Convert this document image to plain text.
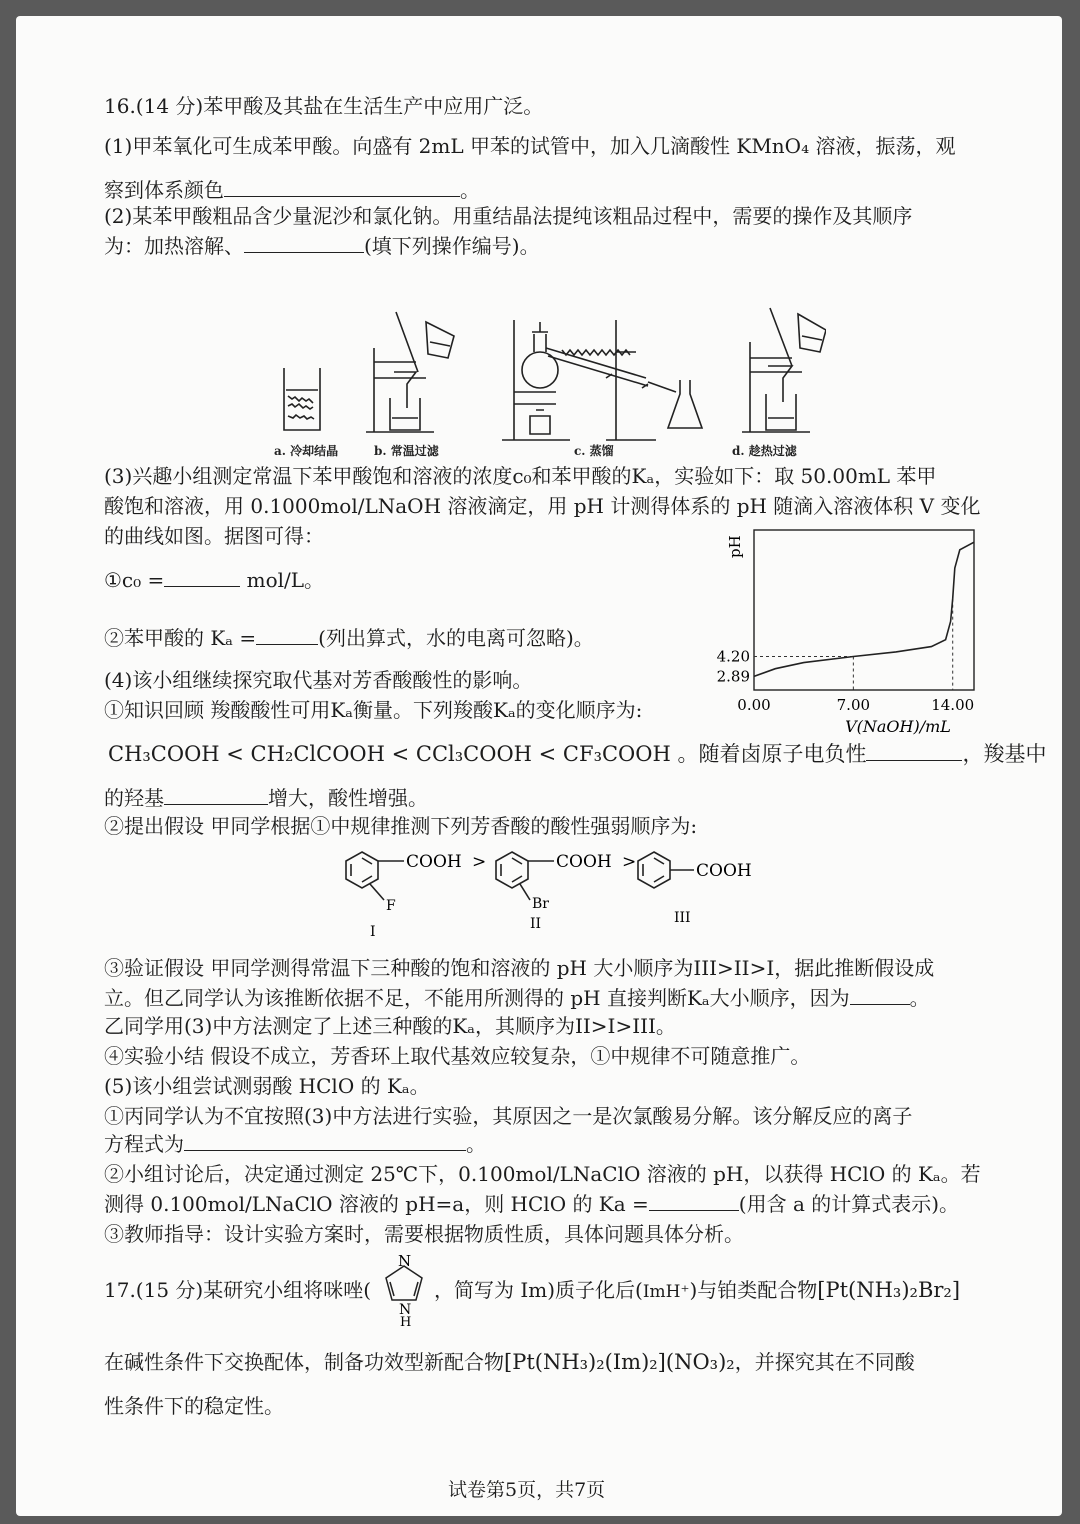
16.(14 分)苯甲酸及其盐在生活生产中应用广泛。
(1)甲苯氧化可生成苯甲酸。向盛有 2mL 甲苯的试管中，加入几滴酸性 KMnO₄ 溶液，振荡，观
察到体系颜色	。
(2)某苯甲酸粗品含少量泥沙和氯化钠。用重结晶法提纯该粗品过程中，需要的操作及其顺序
为：加热溶解、	(填下列操作编号)。
a. 冷却结晶	b. 常温过滤	c. 蒸馏	d. 趁热过滤
(3)兴趣小组测定常温下苯甲酸饱和溶液的浓度c₀和苯甲酸的Kₐ，实验如下：取 50.00mL 苯甲
酸饱和溶液，用 0.1000mol/LNaOH 溶液滴定，用 pH 计测得体系的 pH 随滴入溶液体积 V 变化
的曲线如图。据图可得：
①c₀ =	mol/L。
②苯甲酸的 Kₐ =	(列出算式，水的电离可忽略)。
pH
2.89
4.20
0.00	7.00	14.00
V(NaOH)/mL
(4)该小组继续探究取代基对芳香酸酸性的影响。
①知识回顾 羧酸酸性可用Kₐ衡量。下列羧酸Kₐ的变化顺序为:
CH₃COOH < CH₂ClCOOH < CCl₃COOH < CF₃COOH 。随着卤原子电负性	，羧基中
的羟基	增大，酸性增强。
②提出假设 甲同学根据①中规律推测下列芳香酸的酸性强弱顺序为:
COOH >
F
I
COOH >
Br
II
COOH
III
③验证假设 甲同学测得常温下三种酸的饱和溶液的 pH 大小顺序为III>II>I，据此推断假设成
立。但乙同学认为该推断依据不足，不能用所测得的 pH 直接判断Kₐ大小顺序，因为	。
乙同学用(3)中方法测定了上述三种酸的Kₐ，其顺序为II>I>III。
④实验小结 假设不成立，芳香环上取代基效应较复杂，①中规律不可随意推广。
(5)该小组尝试测弱酸 HClO 的 Kₐ。
①丙同学认为不宜按照(3)中方法进行实验，其原因之一是次氯酸易分解。该分解反应的离子
方程式为	。
②小组讨论后，决定通过测定 25℃下，0.100mol/LNaClO 溶液的 pH，以获得 HClO 的 Kₐ。若
测得 0.100mol/LNaClO 溶液的 pH=a，则 HClO 的 Ka =	(用含 a 的计算式表示)。
③教师指导：设计实验方案时，需要根据物质性质，具体问题具体分析。
17.(15 分)某研究小组将咪唑(
N
N
H
，简写为 Im)质子化后(ImH⁺)与铂类配合物[Pt(NH₃)₂Br₂]
在碱性条件下交换配体，制备功效型新配合物[Pt(NH₃)₂(Im)₂](NO₃)₂，并探究其在不同酸
性条件下的稳定性。
试卷第5页，共7页
